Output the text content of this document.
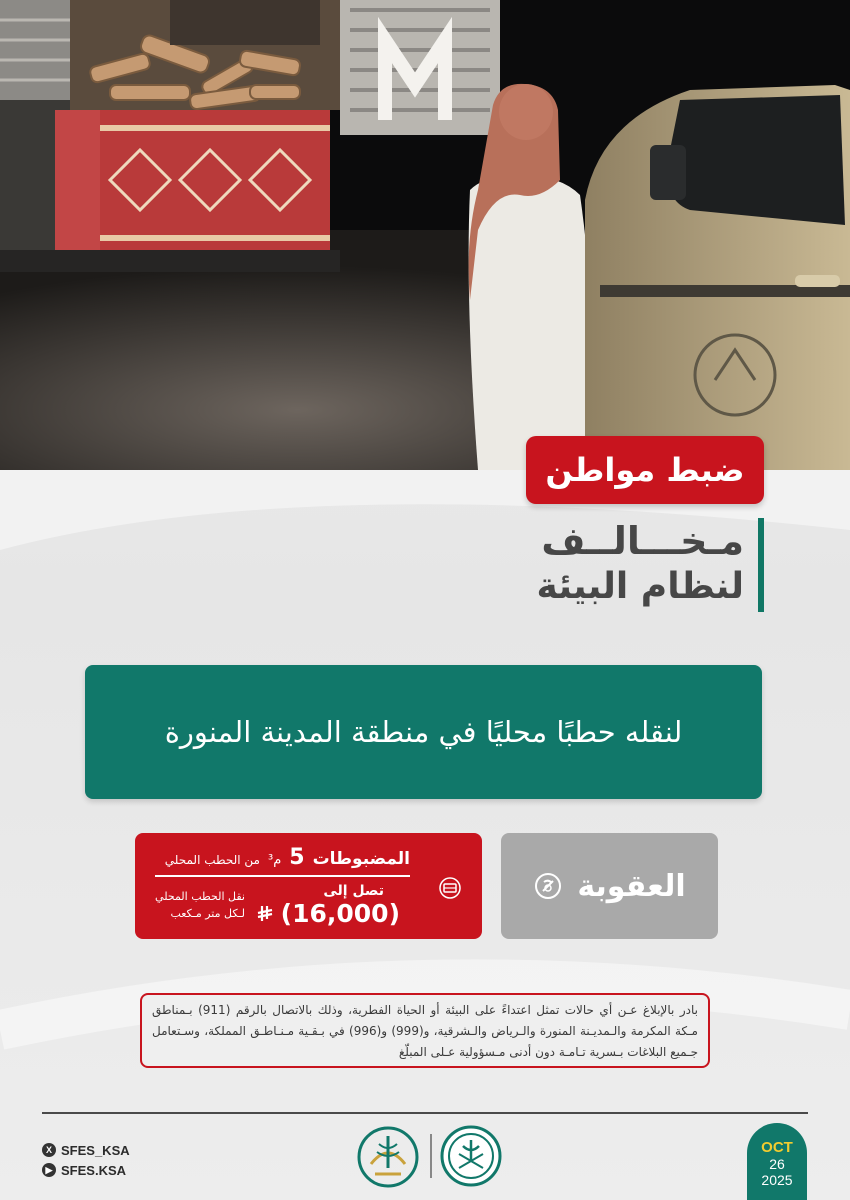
ضبط مواطن
مـخـــالــف
لنظام البيئة
لنقله حطبًا محليًا في منطقة المدينة المنورة
العقوبة
المضبوطات
5
م³
من الحطب المحلي
تصل إلى
(16,000)
نقل الحطب المحلي لـكل متر مـكعب
بادر بالإبلاغ عـن أي حالات تمثل اعتداءً على البيئة أو الحياة الفطرية، وذلك بالاتصال بالرقم (911) بـمناطق مـكة المكرمة والـمديـنة المنورة والـرياض والـشرقية، و(999) و(996) في بـقـية مـنـاطـق المملكة، وسـتعامل جـميع البلاغات بـسرية تـامـة دون أدنى مـسؤولية عـلى المبلّغ
X SFES_KSA
▶ SFES.KSA
OCT
26
2025
